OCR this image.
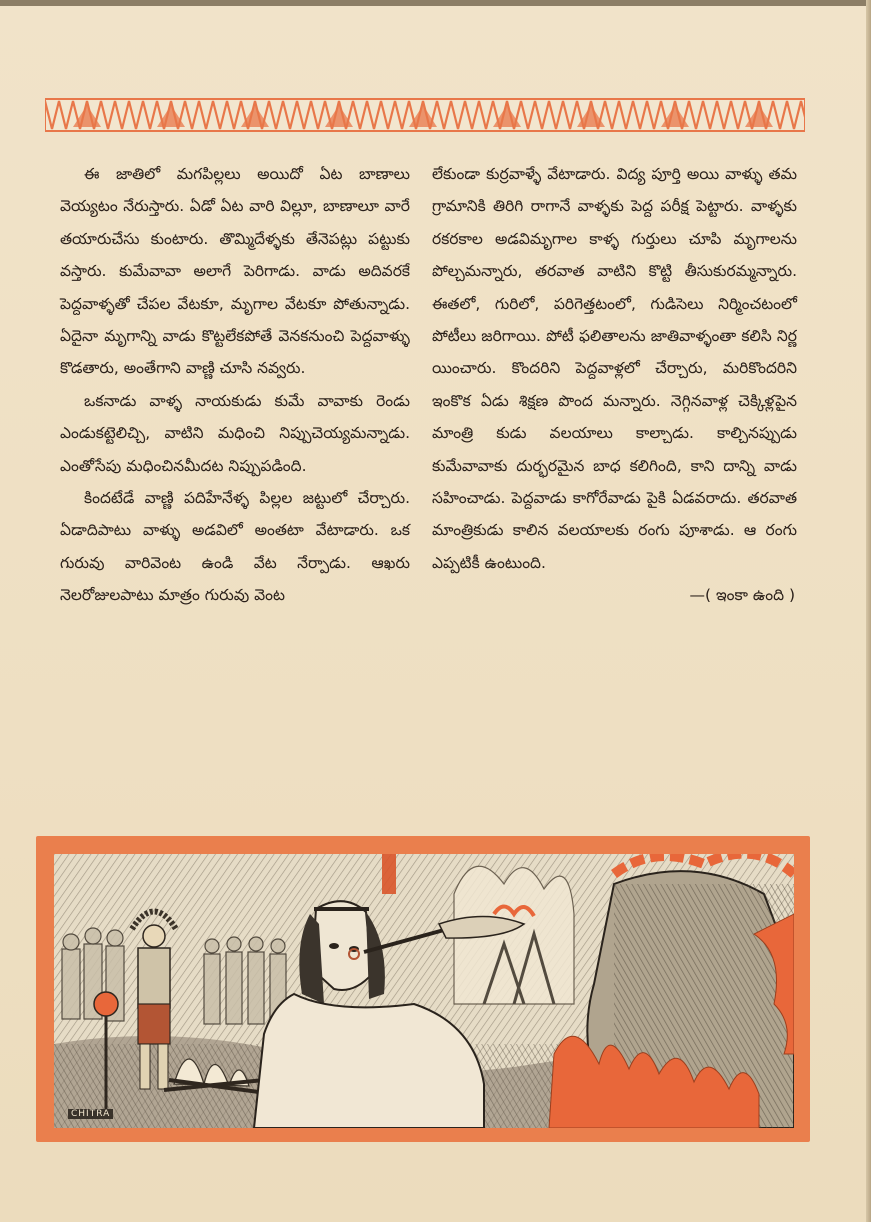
ఈ జాతిలో మగపిల్లలు అయిదో ఏట బాణాలు వెయ్యటం నేరుస్తారు. ఏడో ఏట వారి విల్లూ, బాణాలూ వారే తయారుచేసు కుంటారు. తొమ్మిదేళ్ళకు తేనెపట్లు పట్టుకు వస్తారు. కుమేవావా అలాగే పెరిగాడు. వాడు అదివరకే పెద్దవాళ్ళతో చేపల వేటకూ, మృగాల వేటకూ పోతున్నాడు. ఏదైనా మృగాన్ని వాడు కొట్టలేకపోతే వెనకనుంచి పెద్దవాళ్ళు కొడతారు, అంతేగాని వాణ్ణి చూసి నవ్వరు.

ఒకనాడు వాళ్ళ నాయకుడు కుమే వావాకు రెండు ఎండుకట్టెలిచ్చి, వాటిని మధించి నిప్పుచెయ్యమన్నాడు. ఎంతోసేపు మధించినమీదట నిప్పుపడింది.

కిందటేడే వాణ్ణి పదిహేనేళ్ళ పిల్లల జట్టులో చేర్చారు. ఏడాదిపాటు వాళ్ళు అడవిలో అంతటా వేటాడారు. ఒక గురువు వారివెంట ఉండి వేట నేర్పాడు. ఆఖరు నెలరోజులపాటు మాత్రం గురువు వెంట

లేకుండా కుర్రవాళ్ళే వేటాడారు. విద్య పూర్తి అయి వాళ్ళు తమ గ్రామానికి తిరిగి రాగానే వాళ్ళకు పెద్ద పరీక్ష పెట్టారు. వాళ్ళకు రకరకాల అడవిమృగాల కాళ్ళ గుర్తులు చూపి మృగాలను పోల్చమన్నారు, తరవాత వాటిని కొట్టి తీసుకురమ్మన్నారు. ఈతలో, గురిలో, పరిగెత్తటంలో, గుడిసెలు నిర్మించటంలో పోటీలు జరిగాయి. పోటీ ఫలితాలను జాతివాళ్ళంతా కలిసి నిర్ణ యించారు. కొందరిని పెద్దవాళ్లలో చేర్చారు, మరికొందరిని ఇంకొక ఏడు శిక్షణ పొంద మన్నారు. నెగ్గినవాళ్ల చెక్కిళ్లపైన మాంత్రి కుడు వలయాలు కాల్చాడు. కాల్చినప్పుడు కుమేవావాకు దుర్భరమైన బాధ కలిగింది, కాని దాన్ని వాడు సహించాడు. పెద్దవాడు కాగోరేవాడు పైకి ఏడవరాదు. తరవాత మాంత్రికుడు కాలిన వలయాలకు రంగు పూశాడు. ఆ రంగు ఎప్పటికీ ఉంటుంది.

—( ఇంకా ఉంది )
CHITRA
